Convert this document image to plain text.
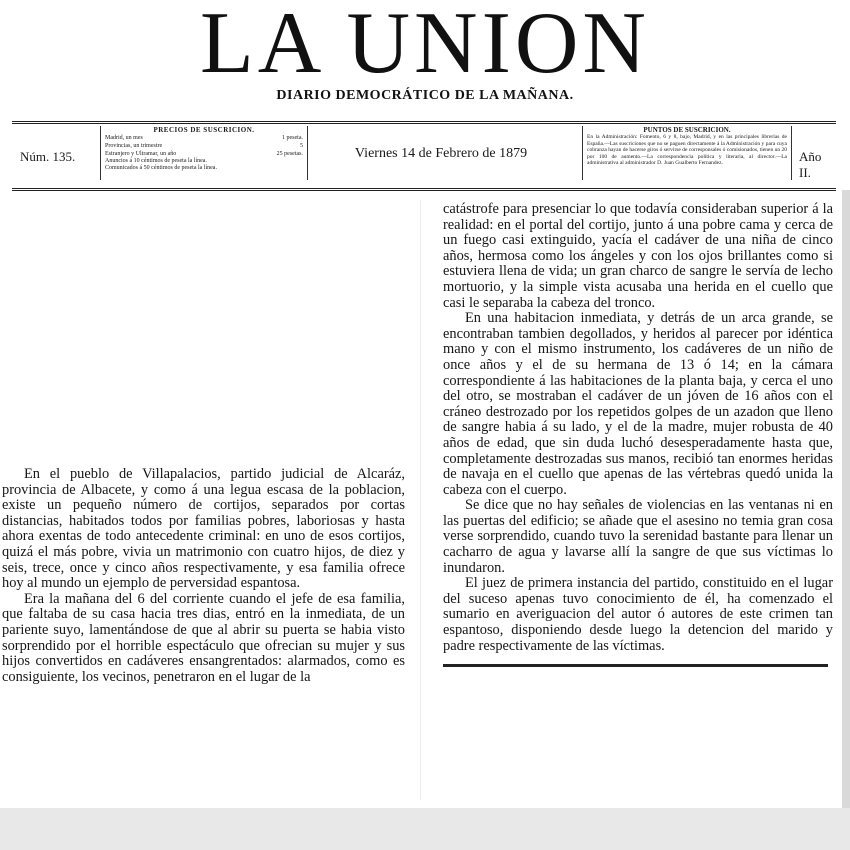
LA UNION
DIARIO DEMOCRÁTICO DE LA MAÑANA.
Núm. 135.
PRECIOS DE SUSCRICION.
Madrid, un mes	1 peseta.
Provincias, un trimestre	5
Estranjero y Ultramar, un año	25 pesetas.
Anuncios á 10 céntimos de peseta la línea.
Comunicados á 50 céntimos de peseta la línea.
Viernes 14 de Febrero de 1879
PUNTOS DE SUSCRICION.
En la Administración: Fomento, 6 y 8, bajo, Madrid, y en las principales librerías de España.—Las suscriciones que no se paguen directamente á la Administración y para cuya cobranza hayan de hacerse giros ó servirse de corresponsales ó comisionados, tienen un 20 por 100 de aumento.—La correspondencia política y literaria, al director.—La administrativa al administrador D. Juan Gualberto Fernandez.	Año II.

En el pueblo de Villapalacios, partido judicial de Alcaráz, provincia de Albacete, y como á una legua escasa de la poblacion, existe un pequeño número de cortijos, separados por cortas distancias, habitados todos por familias pobres, laboriosas y hasta ahora exentas de todo antecedente criminal: en uno de esos cortijos, quizá el más pobre, vivia un matrimonio con cuatro hijos, de diez y seis, trece, once y cinco años respectivamente, y esa familia ofrece hoy al mundo un ejemplo de perversidad espantosa.

Era la mañana del 6 del corriente cuando el jefe de esa familia, que faltaba de su casa hacia tres dias, entró en la inmediata, de un pariente suyo, lamentándose de que al abrir su puerta se habia visto sorprendido por el horrible espectáculo que ofrecian su mujer y sus hijos convertidos en cadáveres ensangrentados: alarmados, como es consiguiente, los vecinos, penetraron en el lugar de la

catástrofe para presenciar lo que todavía consideraban superior á la realidad: en el portal del cortijo, junto á una pobre cama y cerca de un fuego casi extinguido, yacía el cadáver de una niña de cinco años, hermosa como los ángeles y con los ojos brillantes como si estuviera llena de vida; un gran charco de sangre le servía de lecho mortuorio, y la simple vista acusaba una herida en el cuello que casi le separaba la cabeza del tronco.

En una habitacion inmediata, y detrás de un arca grande, se encontraban tambien degollados, y heridos al parecer por idéntica mano y con el mismo instrumento, los cadáveres de un niño de once años y el de su hermana de 13 ó 14; en la cámara correspondiente á las habitaciones de la planta baja, y cerca el uno del otro, se mostraban el cadáver de un jóven de 16 años con el cráneo destrozado por los repetidos golpes de un azadon que lleno de sangre habia á su lado, y el de la madre, mujer robusta de 40 años de edad, que sin duda luchó desesperadamente hasta que, completamente destrozadas sus manos, recibió tan enormes heridas de navaja en el cuello que apenas de las vértebras quedó unida la cabeza con el cuerpo.

Se dice que no hay señales de violencias en las ventanas ni en las puertas del edificio; se añade que el asesino no temia gran cosa verse sorprendido, cuando tuvo la serenidad bastante para llenar un cacharro de agua y lavarse allí la sangre de que sus víctimas lo inundaron.

El juez de primera instancia del partido, constituido en el lugar del suceso apenas tuvo conocimiento de él, ha comenzado el sumario en averiguacion del autor ó autores de este crimen tan espantoso, disponiendo desde luego la detencion del marido y padre respectivamente de las víctimas.
